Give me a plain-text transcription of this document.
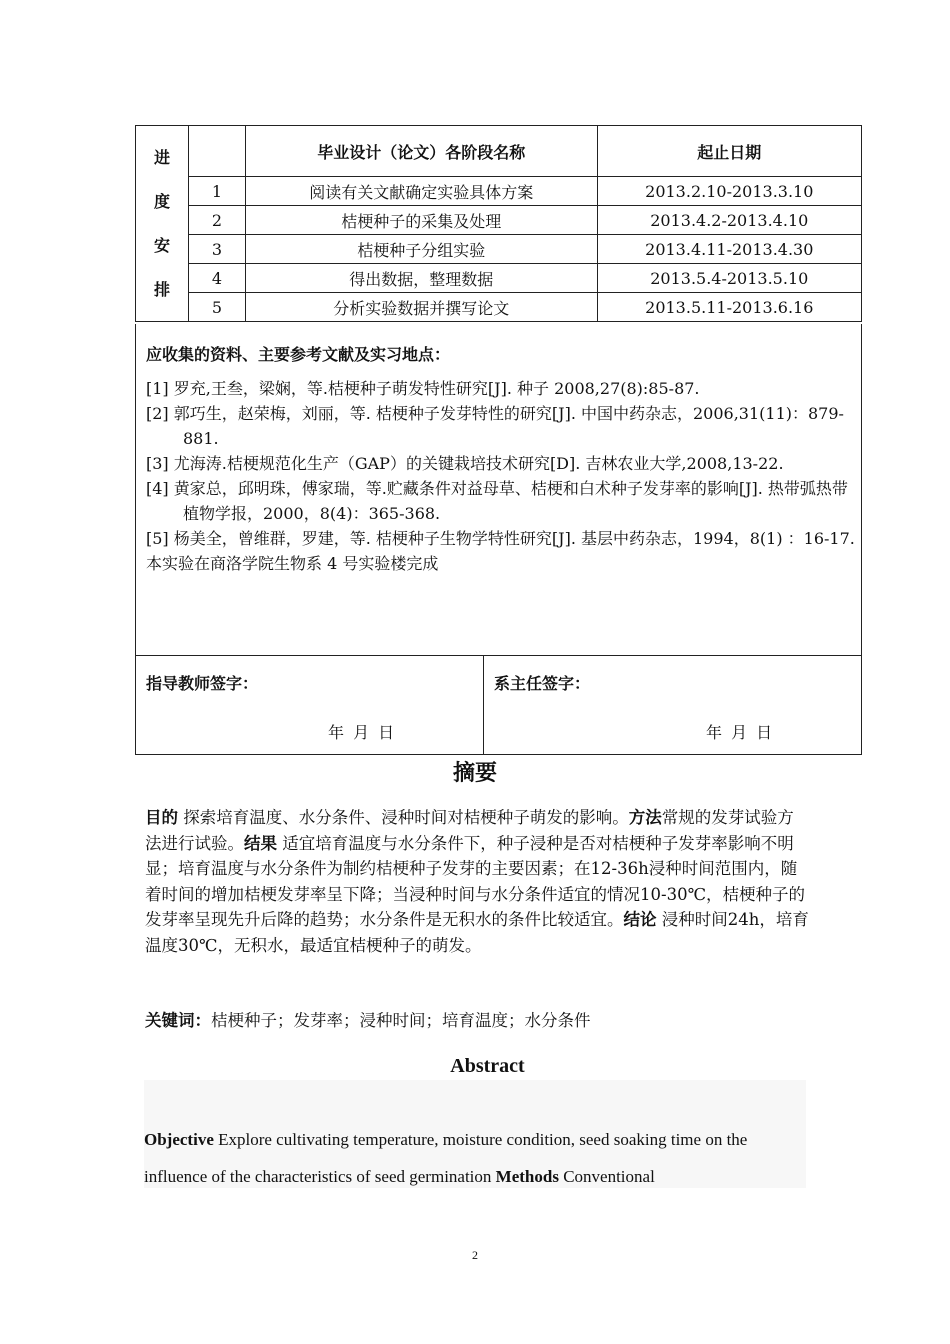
进
度
安
排		毕业设计（论文）各阶段名称	起止日期
	1	阅读有关文献确定实验具体方案	2013.2.10-2013.3.10
	2	桔梗种子的采集及处理	2013.4.2-2013.4.10
	3	桔梗种子分组实验	2013.4.11-2013.4.30
	4	得出数据，整理数据	2013.5.4-2013.5.10
	5	分析实验数据并撰写论文	2013.5.11-2013.6.16
应收集的资料、主要参考文献及实习地点：
[1] 罗充,王叁，梁娴，等.桔梗种子萌发特性研究[J]. 种子 2008,27(8):85-87.
[2] 郭巧生，赵荣梅，刘丽，等. 桔梗种子发芽特性的研究[J]. 中国中药杂志，2006,31(11)：879-881.
[3] 尤海涛.桔梗规范化生产（GAP）的关键栽培技术研究[D]. 吉林农业大学,2008,13-22.
[4] 黄家总，邱明珠，傅家瑞，等.贮藏条件对益母草、桔梗和白术种子发芽率的影响[J]. 热带弧热带植物学报，2000，8(4)：365-368.
[5] 杨美全，曾维群，罗建，等. 桔梗种子生物学特性研究[J]. 基层中药杂志，1994，8(1) ：16-17.
本实验在商洛学院生物系 4 号实验楼完成
指导教师签字：
年 月 日
系主任签字：
年 月 日
摘要
目的 探索培育温度、水分条件、浸种时间对桔梗种子萌发的影响。方法常规的发芽试验方法进行试验。结果 适宜培育温度与水分条件下，种子浸种是否对桔梗种子发芽率影响不明显；培育温度与水分条件为制约桔梗种子发芽的主要因素；在12-36h浸种时间范围内，随着时间的增加桔梗发芽率呈下降；当浸种时间与水分条件适宜的情况10-30℃，桔梗种子的发芽率呈现先升后降的趋势；水分条件是无积水的条件比较适宜。结论 浸种时间24h，培育温度30℃，无积水，最适宜桔梗种子的萌发。
关键词：桔梗种子；发芽率；浸种时间；培育温度；水分条件
Abstract
Objective Explore cultivating temperature, moisture condition, seed soaking time on the influence of the characteristics of seed germination Methods Conventional
2
